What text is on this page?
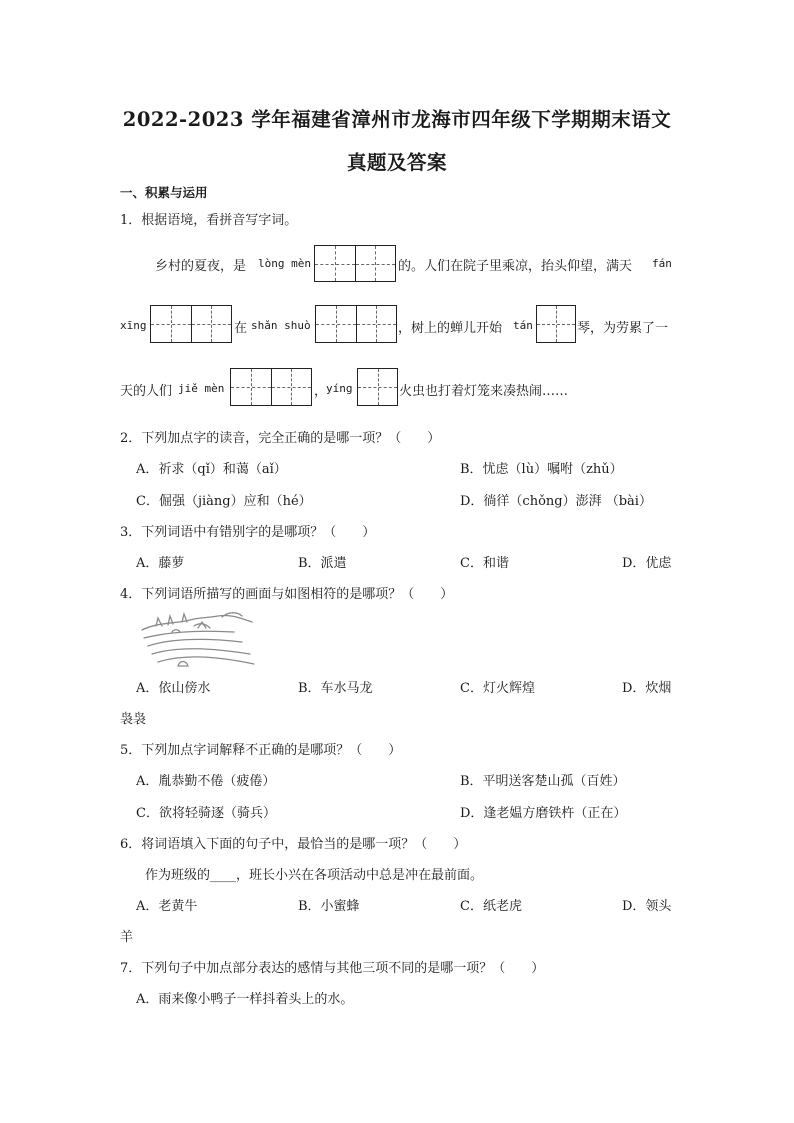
2022-2023 学年福建省漳州市龙海市四年级下学期期末语文
真题及答案
一、积累与运用
1．根据语境，看拼音写字词。
乡村的夏夜，是 lòng mèn	的。人们在院子里乘凉，抬头仰望，满天 fán
xīng	在 shǎn shuò	，树上的蝉儿开始 tán	琴，为劳累了一
天的人们 jiě mèn	，
yíng	火虫也打着灯笼来凑热闹……
2．下列加点字的读音，完全正确的是哪一项？（　　）
A．祈求（qǐ）和蔼（aǐ）	B．忧虑（lù）嘱咐（zhǔ）
C．倔强（jiàng）应和（hé）	D．徜徉（chǒng）澎湃 （bài）
3．下列词语中有错别字的是哪项？（　　）
A．藤萝	B．派遣	C．和谐	D．优虑
4．下列词语所描写的画面与如图相符的是哪项？（　　）
A．依山傍水	B．车水马龙	C．灯火辉煌	D．炊烟
袅袅
5．下列加点字词解释不正确的是哪项？（　　）
A．胤恭勤不倦（疲倦）	B．平明送客楚山孤（百姓）
C．欲将轻骑逐（骑兵）	D．逢老媪方磨铁杵（正在）
6．将词语填入下面的句子中，最恰当的是哪一项？（　　）
作为班级的____，班长小兴在各项活动中总是冲在最前面。
A．老黄牛	B．小蜜蜂	C．纸老虎	D．领头
羊
7．下列句子中加点部分表达的感情与其他三项不同的是哪一项？（　　）
A．雨来像小鸭子一样抖着头上的水。
